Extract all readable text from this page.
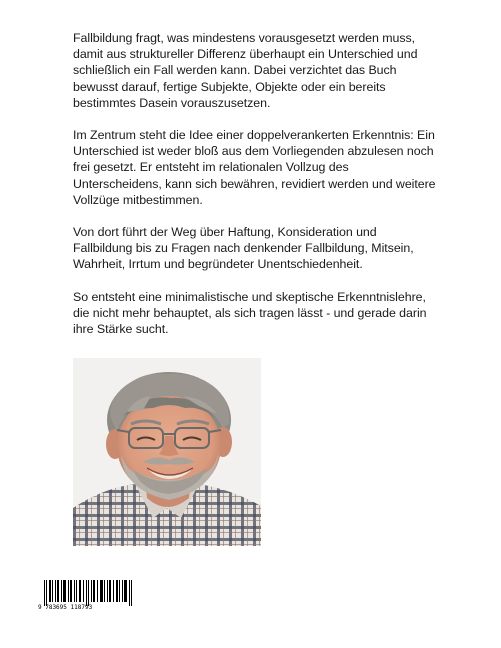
Fallbildung fragt, was mindestens vorausgesetzt werden muss, damit aus struktureller Differenz überhaupt ein Unterschied und schließlich ein Fall werden kann. Dabei verzichtet das Buch bewusst darauf, fertige Subjekte, Objekte oder ein bereits bestimmtes Dasein vorauszusetzen.

Im Zentrum steht die Idee einer doppelverankerten Erkenntnis: Ein Unterschied ist weder bloß aus dem Vorliegenden abzulesen noch frei gesetzt. Er entsteht im relationalen Vollzug des Unterscheidens, kann sich bewähren, revidiert werden und weitere Vollzüge mitbestimmen.

Von dort führt der Weg über Haftung, Konsideration und Fallbildung bis zu Fragen nach denkender Fallbildung, Mitsein, Wahrheit, Irrtum und begründeter Unentschiedenheit.

So entsteht eine minimalistische und skeptische Erkenntnislehre, die nicht mehr behauptet, als sich tragen lässt - und gerade darin ihre Stärke sucht.

9 783695 118793
